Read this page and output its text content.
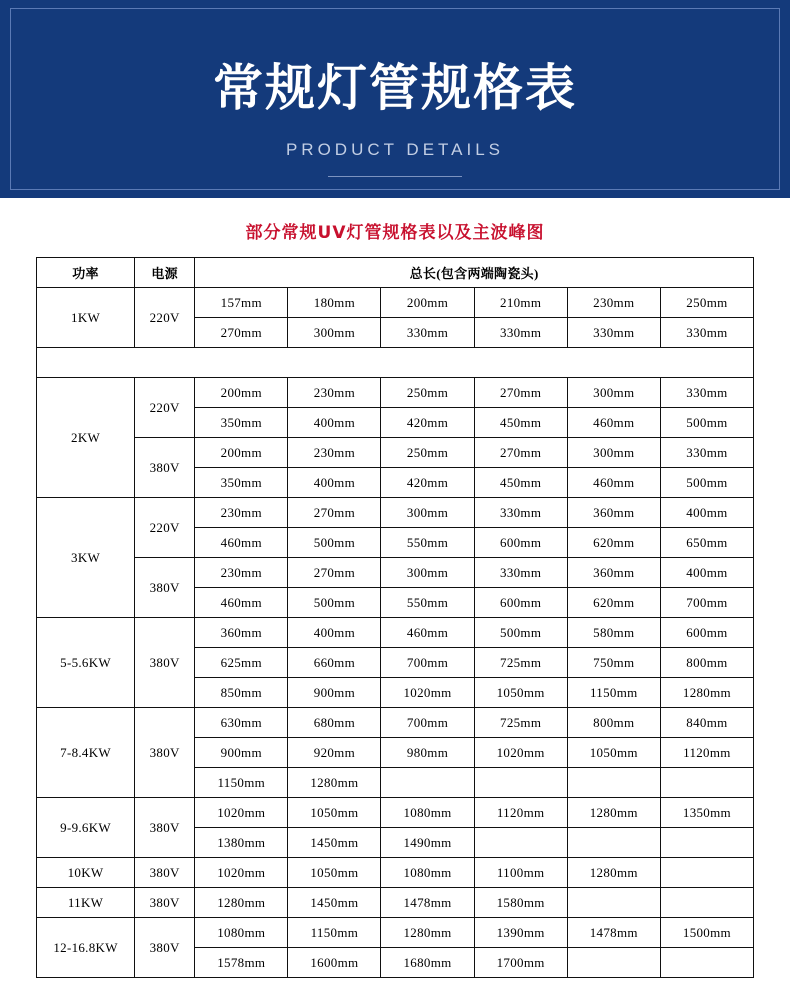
常规灯管规格表
PRODUCT DETAILS
部分常规UV灯管规格表以及主波峰图
功率	电源	总长(包含两端陶瓷头)					
1KW	220V	157mm	180mm	200mm	210mm	230mm	250mm
		270mm	300mm	330mm	330mm	330mm	330mm

2KW	220V	200mm	230mm	250mm	270mm	300mm	330mm
		350mm	400mm	420mm	450mm	460mm	500mm
	380V	200mm	230mm	250mm	270mm	300mm	330mm
		350mm	400mm	420mm	450mm	460mm	500mm
3KW	220V	230mm	270mm	300mm	330mm	360mm	400mm
		460mm	500mm	550mm	600mm	620mm	650mm
	380V	230mm	270mm	300mm	330mm	360mm	400mm
		460mm	500mm	550mm	600mm	620mm	700mm
5-5.6KW	380V	360mm	400mm	460mm	500mm	580mm	600mm
		625mm	660mm	700mm	725mm	750mm	800mm
		850mm	900mm	1020mm	1050mm	1150mm	1280mm
7-8.4KW	380V	630mm	680mm	700mm	725mm	800mm	840mm
		900mm	920mm	980mm	1020mm	1050mm	1120mm
		1150mm	1280mm				
9-9.6KW	380V	1020mm	1050mm	1080mm	1120mm	1280mm	1350mm
		1380mm	1450mm	1490mm			
10KW	380V	1020mm	1050mm	1080mm	1100mm	1280mm	
11KW	380V	1280mm	1450mm	1478mm	1580mm		
12-16.8KW	380V	1080mm	1150mm	1280mm	1390mm	1478mm	1500mm
		1578mm	1600mm	1680mm	1700mm		
